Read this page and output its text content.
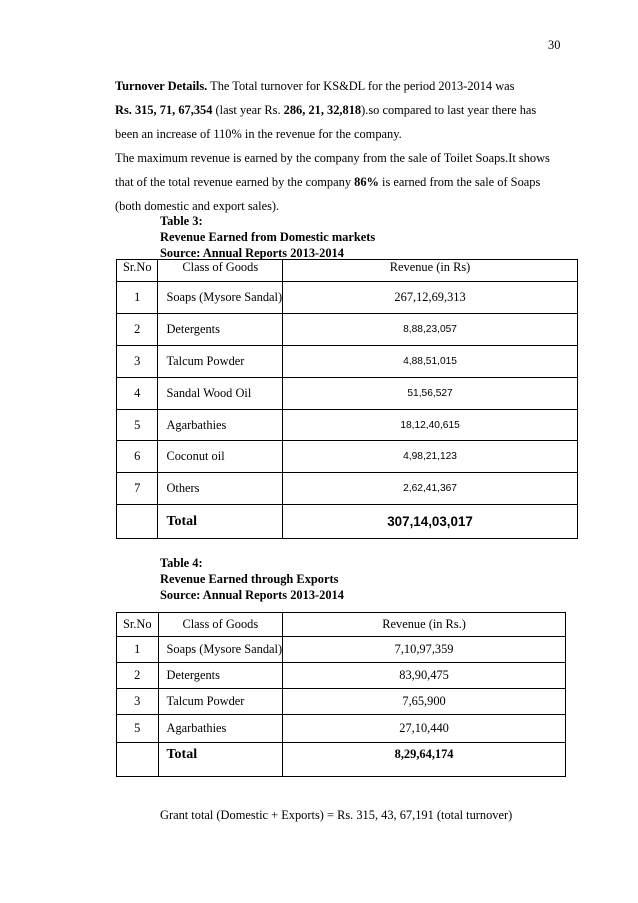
30

Turnover Details. The Total turnover for KS&DL for the period 2013-2014 was

Rs. 315, 71, 67,354 (last year Rs. 286, 21, 32,818).so compared to last year there has

been an increase of 110% in the revenue for the company.

The maximum revenue is earned by the company from the sale of Toilet Soaps.It shows

that of the total revenue earned by the company 86% is earned from the sale of Soaps

(both domestic and export sales).

Table 3:
Revenue Earned from Domestic markets
Source: Annual Reports 2013-2014
Sr.No	Class of Goods	Revenue (in Rs)
1	Soaps (Mysore Sandal)	267,12,69,313
2	Detergents	8,88,23,057
3	Talcum Powder	4,88,51,015
4	Sandal Wood Oil	51,56,527
5	Agarbathies	18,12,40,615
6	Coconut oil	4,98,21,123
7	Others	2,62,41,367
	Total	307,14,03,017
Table 4:
Revenue Earned through Exports
Source: Annual Reports 2013-2014
Sr.No	Class of Goods	Revenue (in Rs.)
1	Soaps (Mysore Sandal)	7,10,97,359
2	Detergents	83,90,475
3	Talcum Powder	7,65,900
5	Agarbathies	27,10,440
	Total	8,29,64,174
Grant total (Domestic + Exports) = Rs. 315, 43, 67,191 (total turnover)
